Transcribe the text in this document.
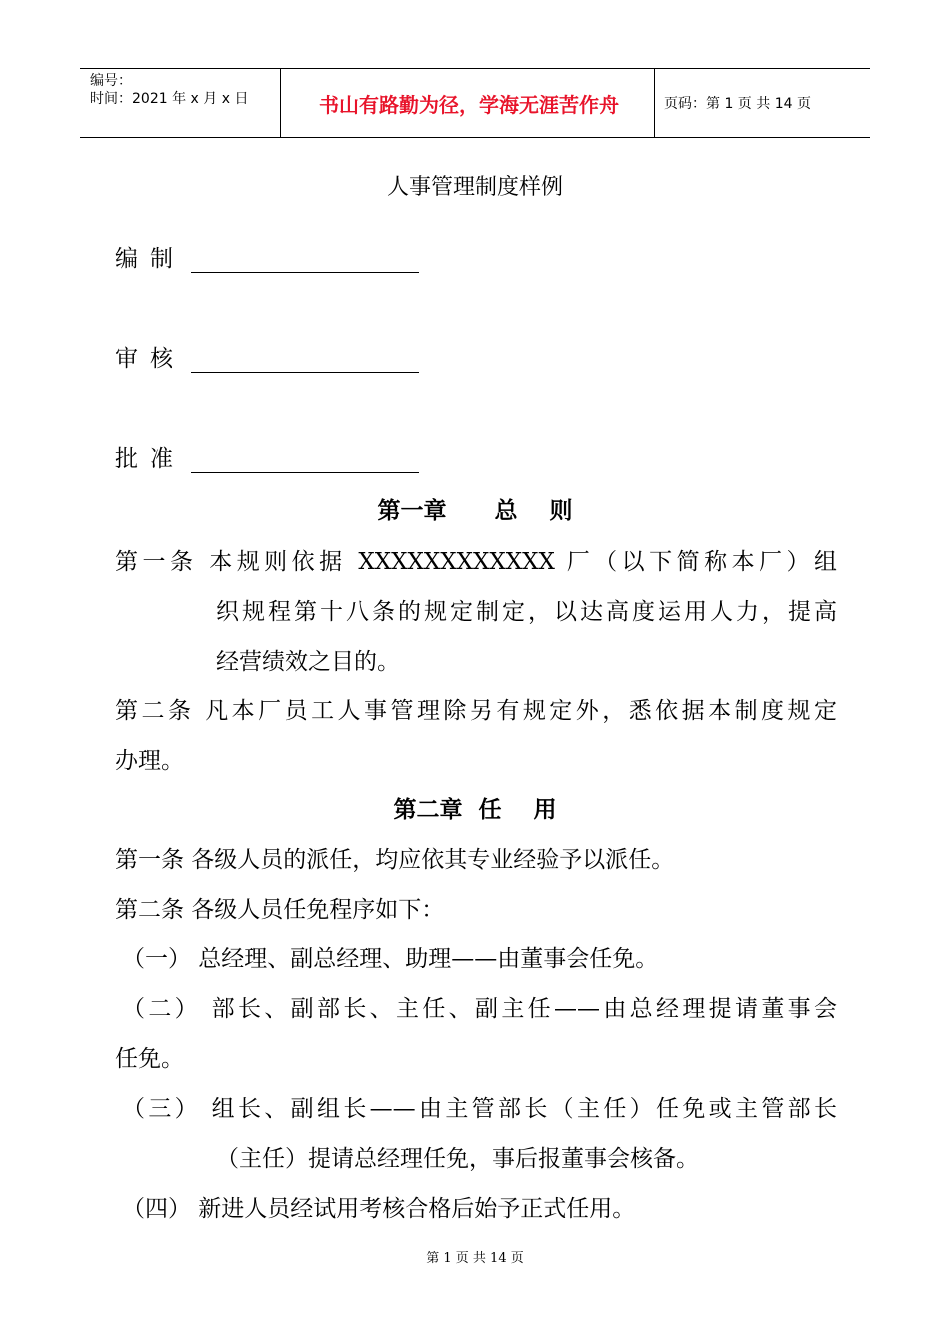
编号：
时间：2021 年 x 月 x 日	书山有路勤为径，学海无涯苦作舟	页码：第 1 页 共 14 页
人事管理制度样例
编制
审核
批准
第一章      总    则
第一条 本规则依据 XXXXXXXXXXXX 厂（以下简称本厂）组
织规程第十八条的规定制定，以达高度运用人力，提高
经营绩效之目的。
第二条 凡本厂员工人事管理除另有规定外，悉依据本制度规定
办理。
第二章  任    用
第一条 各级人员的派任，均应依其专业经验予以派任。
第二条 各级人员任免程序如下：
（一） 总经理、副总经理、助理——由董事会任免。
（二） 部长、副部长、主任、副主任——由总经理提请董事会
任免。
（三） 组长、副组长——由主管部长（主任）任免或主管部长
（主任）提请总经理任免，事后报董事会核备。
（四） 新进人员经试用考核合格后始予正式任用。
第 1 页 共 14 页
